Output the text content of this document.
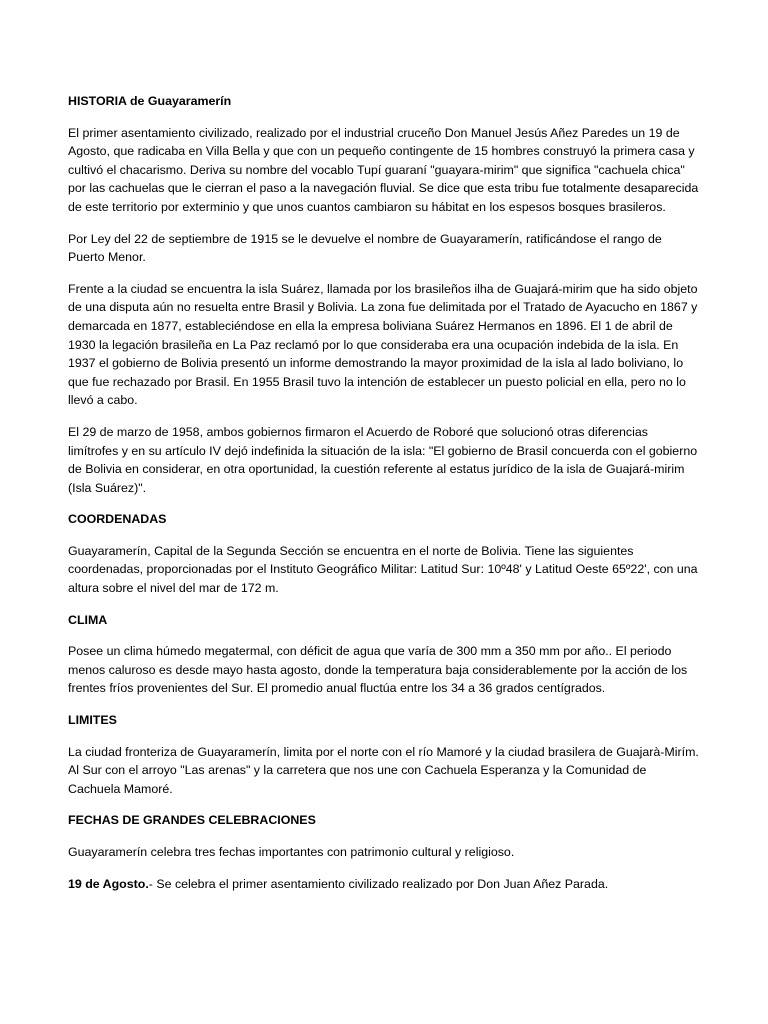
HISTORIA de Guayaramerín

El primer asentamiento civilizado, realizado por el industrial cruceño Don Manuel Jesús Añez Paredes un 19 de Agosto, que radicaba en Villa Bella y que con un pequeño contingente de 15 hombres construyó la primera casa y cultivó el chacarismo. Deriva su nombre del vocablo Tupí guaraní "guayara-mirim" que significa "cachuela chica" por las cachuelas que le cierran el paso a la navegación fluvial. Se dice que esta tribu fue totalmente desaparecida de este territorio por exterminio y que unos cuantos cambiaron su hábitat en los espesos bosques brasileros.

Por Ley del 22 de septiembre de 1915 se le devuelve el nombre de Guayaramerín, ratificándose el rango de Puerto Menor.

Frente a la ciudad se encuentra la isla Suárez, llamada por los brasileños ilha de Guajará-mirim que ha sido objeto de una disputa aún no resuelta entre Brasil y Bolivia. La zona fue delimitada por el Tratado de Ayacucho en 1867 y demarcada en 1877, estableciéndose en ella la empresa boliviana Suárez Hermanos en 1896. El 1 de abril de 1930 la legación brasileña en La Paz reclamó por lo que consideraba era una ocupación indebida de la isla. En 1937 el gobierno de Bolivia presentó un informe demostrando la mayor proximidad de la isla al lado boliviano, lo que fue rechazado por Brasil. En 1955 Brasil tuvo la intención de establecer un puesto policial en ella, pero no lo llevó a cabo.

El 29 de marzo de 1958, ambos gobiernos firmaron el Acuerdo de Roboré que solucionó otras diferencias limítrofes y en su artículo IV dejó indefinida la situación de la isla: "El gobierno de Brasil concuerda con el gobierno de Bolivia en considerar, en otra oportunidad, la cuestión referente al estatus jurídico de la isla de Guajará-mirim (Isla Suárez)".

COORDENADAS

Guayaramerín, Capital de la Segunda Sección se encuentra en el norte de Bolivia. Tiene las siguientes coordenadas, proporcionadas por el Instituto Geográfico Militar: Latitud Sur: 10º48' y Latitud Oeste 65º22', con una altura sobre el nivel del mar de 172 m.

CLIMA

Posee un clima húmedo megatermal, con déficit de agua que varía de 300 mm a 350 mm por año.. El periodo menos caluroso es desde mayo hasta agosto, donde la temperatura baja considerablemente por la acción de los frentes fríos provenientes del Sur. El promedio anual fluctúa entre los 34 a 36 grados centígrados.

LIMITES

La ciudad fronteriza de Guayaramerín, limita por el norte con el río Mamoré y la ciudad brasilera de Guajarà-Mirím. Al Sur con el arroyo "Las arenas" y la carretera que nos une con Cachuela Esperanza y la Comunidad de Cachuela Mamoré.

FECHAS DE GRANDES CELEBRACIONES

Guayaramerín celebra tres fechas importantes con patrimonio cultural y religioso.

19 de Agosto.- Se celebra el primer asentamiento civilizado realizado por Don Juan Añez Parada.
